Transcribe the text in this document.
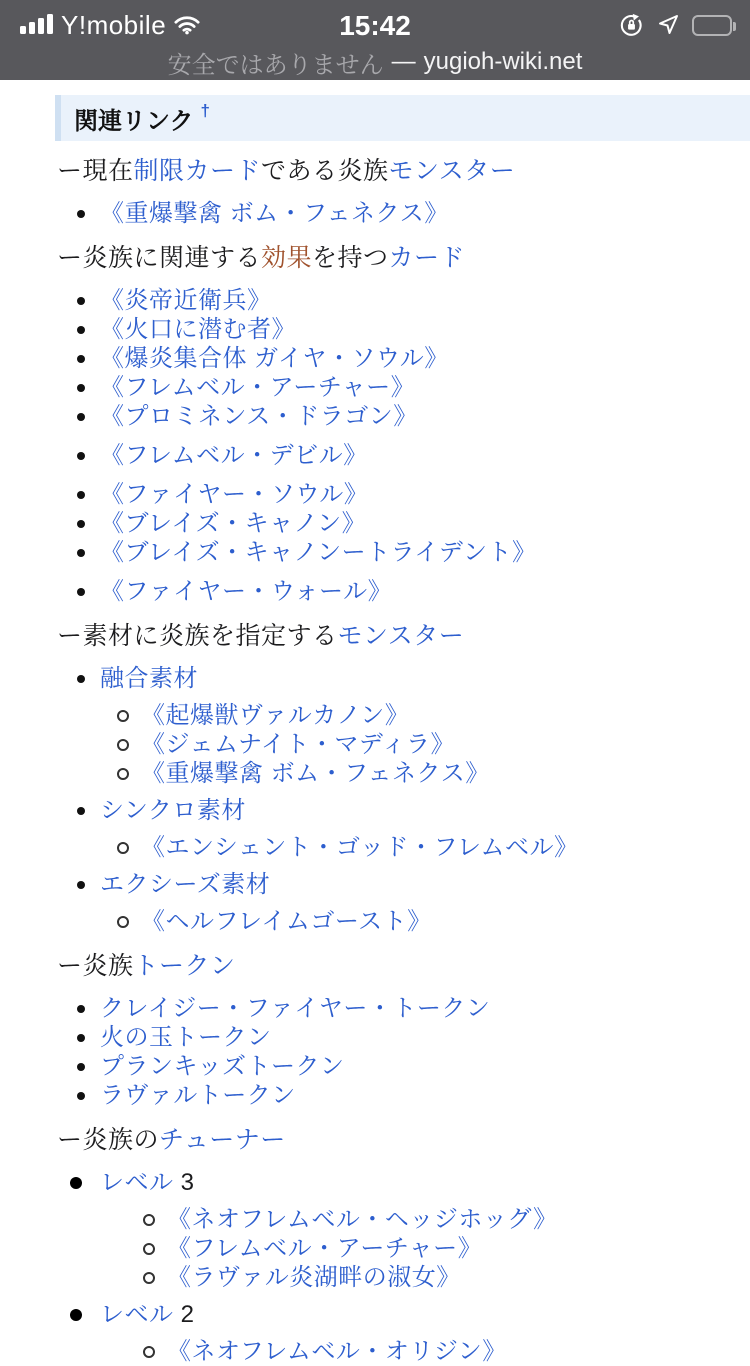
Y!mobile	15:42
安全ではありません — yugioh-wiki.net
関連リンク †
ー現在制限カードである炎族モンスター
《重爆撃禽 ボム・フェネクス》
ー炎族に関連する効果を持つカード
《炎帝近衛兵》
《火口に潜む者》
《爆炎集合体 ガイヤ・ソウル》
《フレムベル・アーチャー》
《プロミネンス・ドラゴン》
《フレムベル・デビル》
《ファイヤー・ソウル》
《ブレイズ・キャノン》
《ブレイズ・キャノンートライデント》
《ファイヤー・ウォール》
ー素材に炎族を指定するモンスター
融合素材
《起爆獣ヴァルカノン》
《ジェムナイト・マディラ》
《重爆撃禽 ボム・フェネクス》
シンクロ素材
《エンシェント・ゴッド・フレムベル》
エクシーズ素材
《ヘルフレイムゴースト》
ー炎族トークン
クレイジー・ファイヤー・トークン
火の玉トークン
プランキッズトークン
ラヴァルトークン
ー炎族のチューナー
レベル 3
《ネオフレムベル・ヘッジホッグ》
《フレムベル・アーチャー》
《ラヴァル炎湖畔の淑女》
レベル 2
《ネオフレムベル・オリジン》
